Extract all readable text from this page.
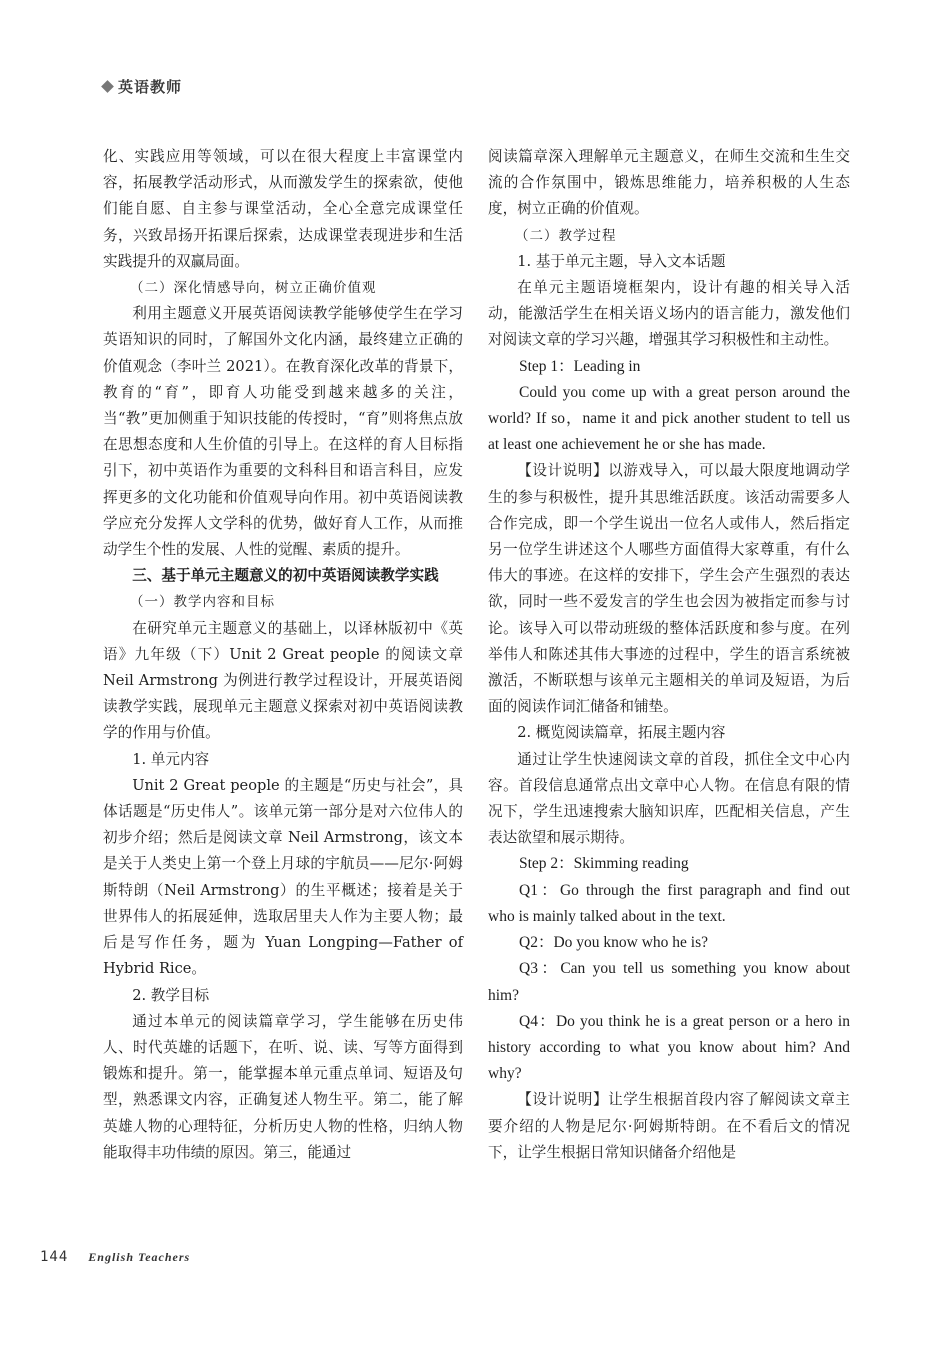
英语教师

化、实践应用等领域，可以在很大程度上丰富课堂内容，拓展教学活动形式，从而激发学生的探索欲，使他们能自愿、自主参与课堂活动，全心全意完成课堂任务，兴致昂扬开拓课后探索，达成课堂表现进步和生活实践提升的双赢局面。

（二）深化情感导向，树立正确价值观

利用主题意义开展英语阅读教学能够使学生在学习英语知识的同时，了解国外文化内涵，最终建立正确的价值观念（李叶兰 2021）。在教育深化改革的背景下，教育的“育”，即育人功能受到越来越多的关注，当“教”更加侧重于知识技能的传授时，“育”则将焦点放在思想态度和人生价值的引导上。在这样的育人目标指引下，初中英语作为重要的文科科目和语言科目，应发挥更多的文化功能和价值观导向作用。初中英语阅读教学应充分发挥人文学科的优势，做好育人工作，从而推动学生个性的发展、人性的觉醒、素质的提升。

三、基于单元主题意义的初中英语阅读教学实践

（一）教学内容和目标

在研究单元主题意义的基础上，以译林版初中《英语》九年级（下）Unit 2 Great people 的阅读文章 Neil Armstrong 为例进行教学过程设计，开展英语阅读教学实践，展现单元主题意义探索对初中英语阅读教学的作用与价值。

1. 单元内容

Unit 2 Great people 的主题是“历史与社会”，具体话题是“历史伟人”。该单元第一部分是对六位伟人的初步介绍；然后是阅读文章 Neil Armstrong，该文本是关于人类史上第一个登上月球的宇航员——尼尔·阿姆斯特朗（Neil Armstrong）的生平概述；接着是关于世界伟人的拓展延伸，选取居里夫人作为主要人物；最后是写作任务，题为 Yuan Longping—Father of Hybrid Rice。

2. 教学目标

通过本单元的阅读篇章学习，学生能够在历史伟人、时代英雄的话题下，在听、说、读、写等方面得到锻炼和提升。第一，能掌握本单元重点单词、短语及句型，熟悉课文内容，正确复述人物生平。第二，能了解英雄人物的心理特征，分析历史人物的性格，归纳人物能取得丰功伟绩的原因。第三，能通过

阅读篇章深入理解单元主题意义，在师生交流和生生交流的合作氛围中，锻炼思维能力，培养积极的人生态度，树立正确的价值观。

（二）教学过程

1. 基于单元主题，导入文本话题

在单元主题语境框架内，设计有趣的相关导入活动，能激活学生在相关语义场内的语言能力，激发他们对阅读文章的学习兴趣，增强其学习积极性和主动性。

Step 1：Leading in

Could you come up with a great person around the world? If so，name it and pick another student to tell us at least one achievement he or she has made.

【设计说明】以游戏导入，可以最大限度地调动学生的参与积极性，提升其思维活跃度。该活动需要多人合作完成，即一个学生说出一位名人或伟人，然后指定另一位学生讲述这个人哪些方面值得大家尊重，有什么伟大的事迹。在这样的安排下，学生会产生强烈的表达欲，同时一些不爱发言的学生也会因为被指定而参与讨论。该导入可以带动班级的整体活跃度和参与度。在列举伟人和陈述其伟大事迹的过程中，学生的语言系统被激活，不断联想与该单元主题相关的单词及短语，为后面的阅读作词汇储备和铺垫。

2. 概览阅读篇章，拓展主题内容

通过让学生快速阅读文章的首段，抓住全文中心内容。首段信息通常点出文章中心人物。在信息有限的情况下，学生迅速搜索大脑知识库，匹配相关信息，产生表达欲望和展示期待。

Step 2：Skimming reading

Q1：Go through the first paragraph and find out who is mainly talked about in the text.

Q2：Do you know who he is?

Q3：Can you tell us something you know about him?

Q4：Do you think he is a great person or a hero in history according to what you know about him? And why?

【设计说明】让学生根据首段内容了解阅读文章主要介绍的人物是尼尔·阿姆斯特朗。在不看后文的情况下，让学生根据日常知识储备介绍他是

144 English Teachers
